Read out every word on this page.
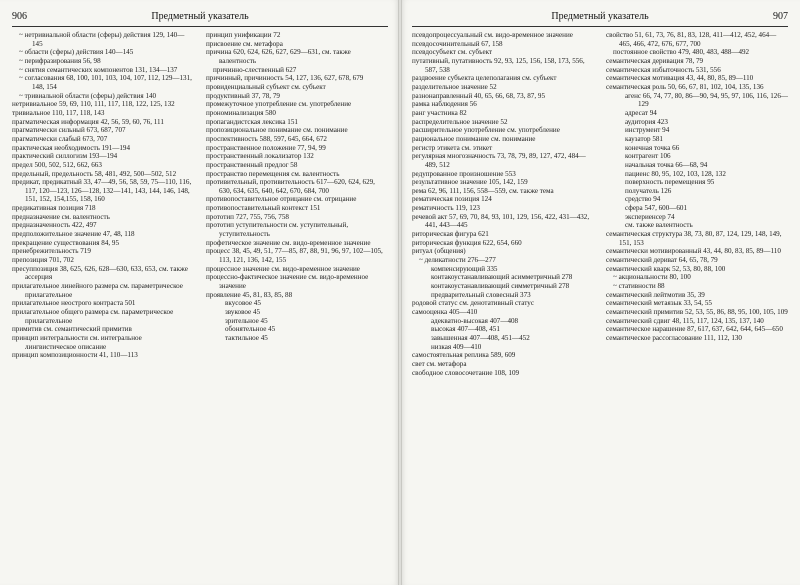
906	Предметный указатель
~ нетривиальной области (сферы) действия 129, 140—145
~ области (сферы) действия 140—145
~ перифразирования 56, 98
~ снятия семантических компонентов 131, 134—137
~ согласования 68, 100, 101, 103, 104, 107, 112, 129—131, 148, 154
~ тривиальной области (сферы) действия 140
нетривиальное 59, 69, 110, 111, 117, 118, 122, 125, 132
тривиальное 110, 117, 118, 143
прагматическая информация 42, 56, 59, 60, 76, 111
прагматически сильный 673, 687, 707
прагматически слабый 673, 707
практическая необходимость 191—194
практический силлогизм 193—194
предел 500, 502, 512, 662, 663
предельный, предельность 58, 481, 492, 500—502, 512
предикат, предикатный 33, 47—49, 56, 58, 59, 75—110, 116, 117, 120—123, 126—128, 132—141, 143, 144, 146, 148, 151, 152, 154,155, 158, 160
предикативная позиция 718
предназначение см. валентность
предназначенность 422, 497
предположительное значение 47, 48, 118
прекращение существования 84, 95
пренебрежительность 719
препозиция 701, 702
пресуппозиция 38, 625, 626, 628—630, 633, 653, см. также ассерция
прилагательное линейного размера см. параметрическое прилагательное
прилагательное неострого контраста 501
прилагательное общего размера см. параметрическое прилагательное
примитив см. семантический примитив
принцип интегральности см. интегральное лингвистическое описание
принцип композиционности 41, 110—113
принцип унификации 72
присвоение см. метафора
причина 620, 624, 626, 627, 629—631, см. также валентность
причинно-слественный 627
причинный, причинность 54, 127, 136, 627, 678, 679
провиденциальный субъект см. субъект
продуктивный 37, 78, 79
промежуточное употребление см. употребление
прономинализация 580
пропагандистская лексика 151
пропозициональное понимание см. понимание
проспективность 588, 597, 645, 664, 672
пространственное положение 77, 94, 99
пространственный локализатор 132
пространственный предлог 58
пространство перемещения см. валентность
противительный, противительность 617—620, 624, 629, 630, 634, 635, 640, 642, 670, 684, 700
противопоставительное отрицание см. отрицание
противопоставительный контекст 151
прототип 727, 755, 756, 758
прототип уступительности см. уступительный, уступительность
профетическое значение см. видо-временное значение
процесс 38, 45, 49, 51, 77—85, 87, 88, 91, 96, 97, 102—105, 113, 121, 136, 142, 155
процессное значение см. видо-временное значение
процессно-фактическое значение см. видо-временное значение
проявление 45, 81, 83, 85, 88
вкусовое 45
звуковое 45
зрительное 45
обонятельное 45
тактильное 45
Предметный указатель	907
псевдопроцессуальный см. видо-временное значение
псевдосочинительный 67, 158
псевдосубъект см. субъект
путативный, путативность 92, 93, 125, 156, 158, 173, 556, 587, 538
раздвоение субъекта целеполагания см. субъект
разделительное значение 52
разнонаправленный 40, 65, 66, 68, 73, 87, 95
рамка наблюдения 56
ранг участника 82
распределительное значение 52
расширительное употребление см. употребление
рациональное понимание см. понимание
регистр этикета см. этикет
регулярная многозначность 73, 78, 79, 89, 127, 472, 484—489, 512
редупрованное произношение 553
результативное значение 105, 142, 159
рема 62, 96, 111, 156, 558—559, см. также тема
рематическая позиция 124
рематичность 119, 123
речевой акт 57, 69, 70, 84, 93, 101, 129, 156, 422, 431—432, 441, 443—445
риторическая фигура 621
риторическая функция 622, 654, 660
ритуал (общения)
~ деликатности 276—277
компенсирующий 335
контакоустанавливающий асимметричный 278
контакоустанавливающий симметричный 278
предварительный словесный 373
родовой статус см. денотативный статус
самооценка 405—410
адекватно-высокая 407—408
высокая 407—408, 451
завышенная 407—408, 451—452
низкая 409—410
самостоятельная реплика 589, 609
свет см. метафора
свободное словосочетание 108, 109
свойство 51, 61, 73, 76, 81, 83, 128, 411—412, 452, 464—465, 466, 472, 676, 677, 700
постоянное свойство 479, 480, 483, 488—492
семантическая деривация 78, 79
семантическая избыточность 531, 556
семантическая мотивация 43, 44, 80, 85, 89—110
семантическая роль 50, 66, 67, 81, 102, 104, 135, 136
агенс 66, 74, 77, 80, 86—90, 94, 95, 97, 106, 116, 126—129
адресат 94
аудитория 423
инструмент 94
каузатор 581
конечная точка 66
контрагент 106
начальная точка 66—68, 94
пациенс 80, 95, 102, 103, 128, 132
поверхность перемещения 95
получатель 126
средство 94
сфера 547, 600—601
экспериенсер 74
см. также валентность
семантическая структура 38, 73, 80, 87, 124, 129, 148, 149, 151, 153
семантически мотивированный 43, 44, 80, 83, 85, 89—110
семантический дериват 64, 65, 78, 79
семантический кварк 52, 53, 80, 88, 100
~ акциональности 80, 100
~ стативности 88
семантический лейтмотив 35, 39
семантический метаязык 33, 54, 55
семантический примитив 52, 53, 55, 86, 88, 95, 100, 105, 109
семантический сдвиг 48, 115, 117, 124, 135, 137, 140
семантическое нарашение 87, 617, 637, 642, 644, 645—650
семантическое рассогласование 111, 112, 130
